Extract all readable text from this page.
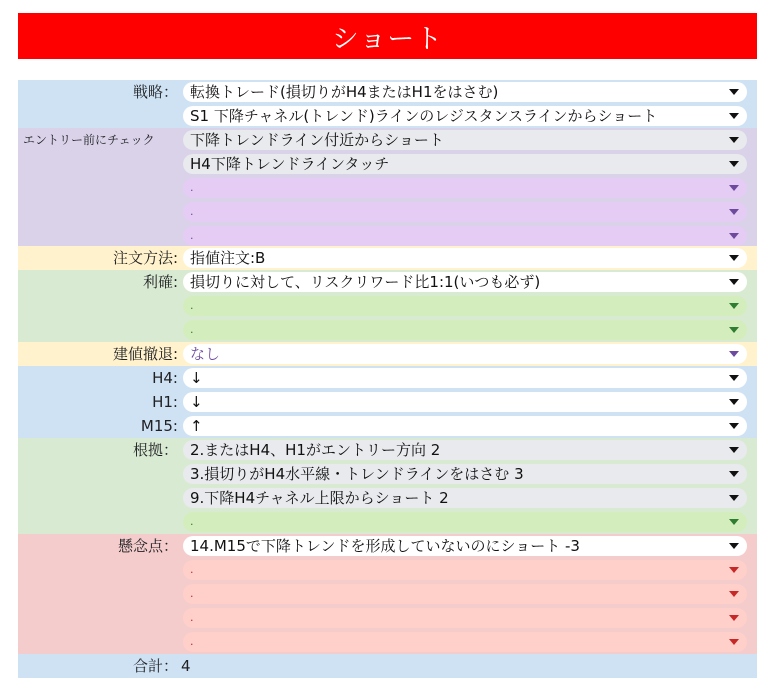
ショート
戦略： 転換トレード(損切りがH4またはH1をはさむ)
S1 下降チャネル(トレンド)ラインのレジスタンスラインからショート
エントリー前にチェック	下降トレンドライン付近からショート
H4下降トレンドラインタッチ
.
.
.
注文方法: 指値注文:B
利確: 損切りに対して、リスクリワード比1:1(いつも必ず)
.
.
建値撤退: なし
H4: ↓
H1: ↓
M15: ↑
根拠： 2.またはH4、H1がエントリー方向 2
3.損切りがH4水平線・トレンドラインをはさむ 3
9.下降H4チャネル上限からショート 2
.
懸念点： 14.M15で下降トレンドを形成していないのにショート -3
.
.
.
.
合計： 4
